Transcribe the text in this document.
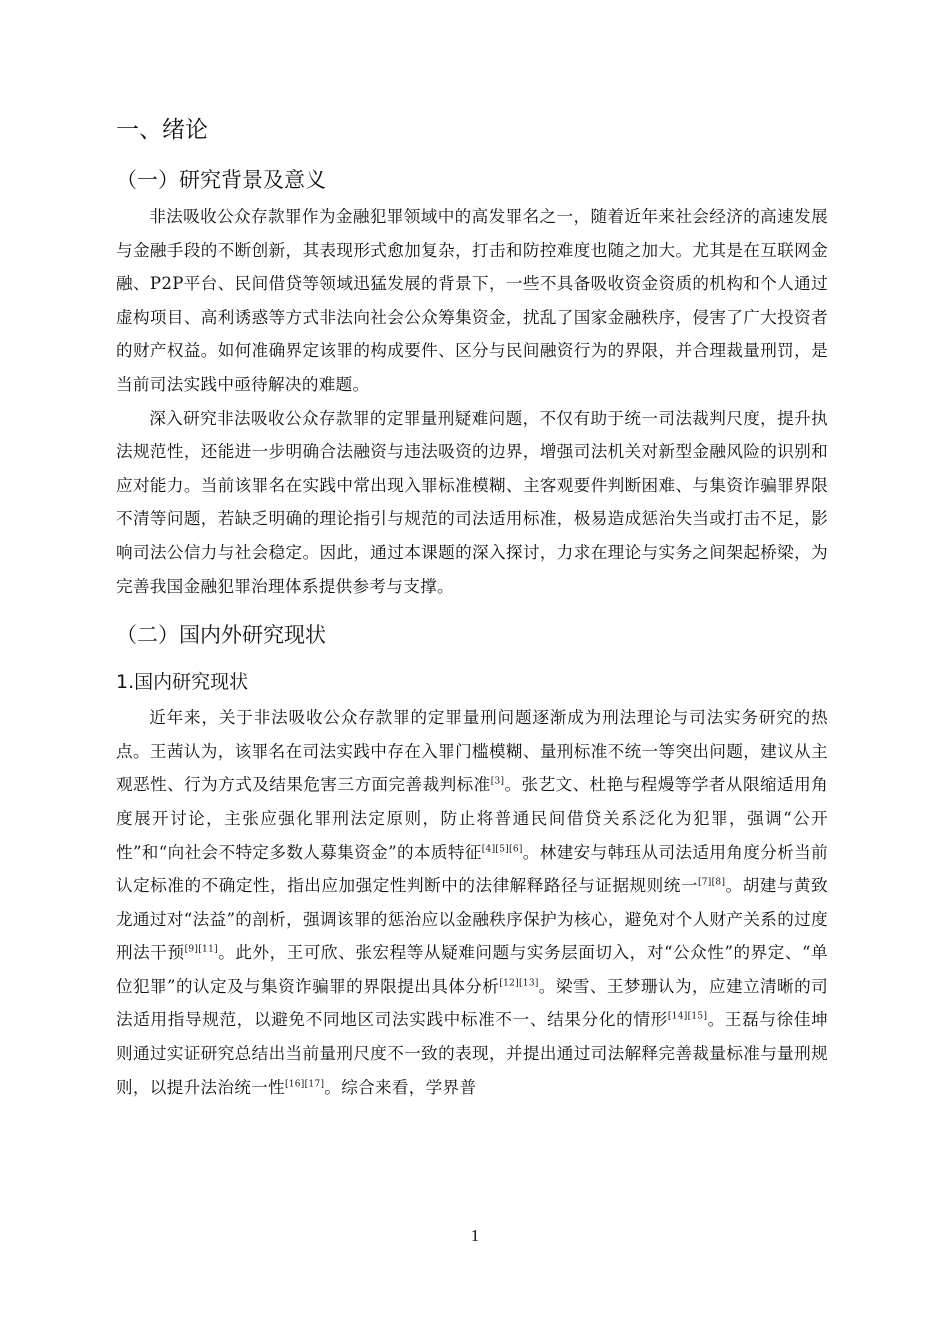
一、绪论
（一）研究背景及意义

非法吸收公众存款罪作为金融犯罪领域中的高发罪名之一，随着近年来社会经济的高速发展与金融手段的不断创新，其表现形式愈加复杂，打击和防控难度也随之加大。尤其是在互联网金融、P2P平台、民间借贷等领域迅猛发展的背景下，一些不具备吸收资金资质的机构和个人通过虚构项目、高利诱惑等方式非法向社会公众筹集资金，扰乱了国家金融秩序，侵害了广大投资者的财产权益。如何准确界定该罪的构成要件、区分与民间融资行为的界限，并合理裁量刑罚，是当前司法实践中亟待解决的难题。

深入研究非法吸收公众存款罪的定罪量刑疑难问题，不仅有助于统一司法裁判尺度，提升执法规范性，还能进一步明确合法融资与违法吸资的边界，增强司法机关对新型金融风险的识别和应对能力。当前该罪名在实践中常出现入罪标准模糊、主客观要件判断困难、与集资诈骗罪界限不清等问题，若缺乏明确的理论指引与规范的司法适用标准，极易造成惩治失当或打击不足，影响司法公信力与社会稳定。因此，通过本课题的深入探讨，力求在理论与实务之间架起桥梁，为完善我国金融犯罪治理体系提供参考与支撑。

（二）国内外研究现状
1.国内研究现状

近年来，关于非法吸收公众存款罪的定罪量刑问题逐渐成为刑法理论与司法实务研究的热点。王茜认为，该罪名在司法实践中存在入罪门槛模糊、量刑标准不统一等突出问题，建议从主观恶性、行为方式及结果危害三方面完善裁判标准[3]。张艺文、杜艳与程熳等学者从限缩适用角度展开讨论，主张应强化罪刑法定原则，防止将普通民间借贷关系泛化为犯罪，强调“公开性”和“向社会不特定多数人募集资金”的本质特征[4][5][6]。林建安与韩珏从司法适用角度分析当前认定标准的不确定性，指出应加强定性判断中的法律解释路径与证据规则统一[7][8]。胡建与黄致龙通过对“法益”的剖析，强调该罪的惩治应以金融秩序保护为核心，避免对个人财产关系的过度刑法干预[9][11]。此外，王可欣、张宏程等从疑难问题与实务层面切入，对“公众性”的界定、“单位犯罪”的认定及与集资诈骗罪的界限提出具体分析[12][13]。梁雪、王梦珊认为，应建立清晰的司法适用指导规范，以避免不同地区司法实践中标准不一、结果分化的情形[14][15]。王磊与徐佳坤则通过实证研究总结出当前量刑尺度不一致的表现，并提出通过司法解释完善裁量标准与量刑规则，以提升法治统一性[16][17]。综合来看，学界普

1
